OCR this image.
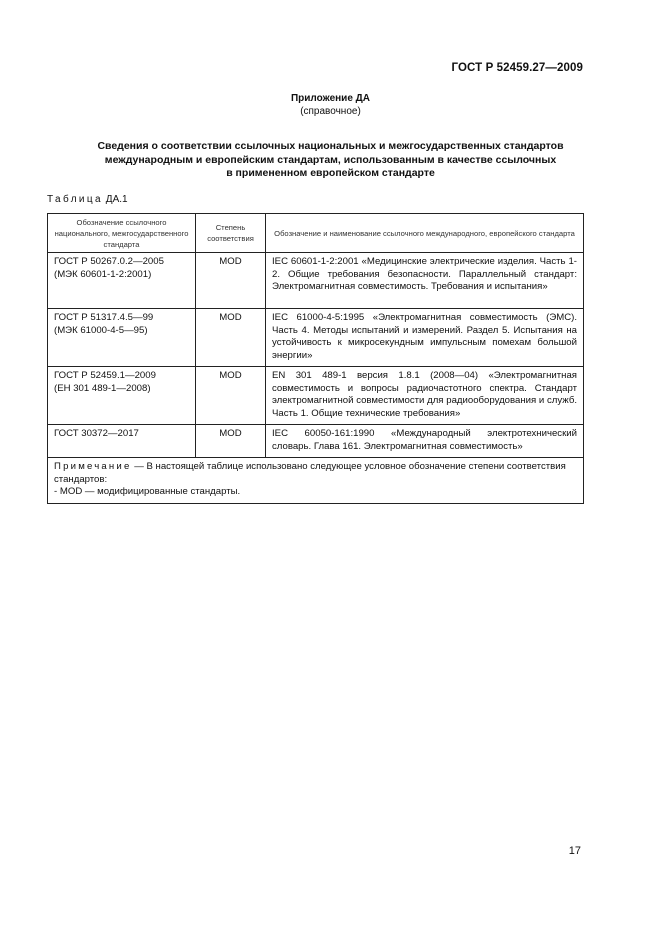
ГОСТ Р 52459.27—2009
Приложение ДА
(справочное)
Сведения о соответствии ссылочных национальных и межгосударственных стандартов
международным и европейским стандартам, использованным в качестве ссылочных
в примененном европейском стандарте
Таблица ДА.1
Обозначение ссылочного национального, межгосударственного стандарта	Степень соответствия	Обозначение и наименование ссылочного международного, европейского стандарта

ГОСТ Р 50267.0.2—2005
(МЭК 60601-1-2:2001)	MOD	IEC 60601-1-2:2001 «Медицинские электрические изделия. Часть 1-2. Общие требования безопасности. Параллельный стандарт: Электромагнитная совместимость. Требования и испытания»

ГОСТ Р 51317.4.5—99
(МЭК 61000-4-5—95)	MOD	IEC 61000-4-5:1995 «Электромагнитная совместимость (ЭМС). Часть 4. Методы испытаний и измерений. Раздел 5. Испытания на устойчивость к микросекундным импульсным помехам большой энергии»

ГОСТ Р 52459.1—2009
(ЕН 301 489-1—2008)	MOD	EN 301 489-1 версия 1.8.1 (2008—04) «Электромагнитная совместимость и вопросы радиочастотного спектра. Стандарт электромагнитной совместимости для радиооборудования и служб. Часть 1. Общие технические требования»

ГОСТ 30372—2017	MOD	IEC 60050-161:1990 «Международный электротехнический словарь. Глава 161. Электромагнитная совместимость»
Примечание — В настоящей таблице использовано следующее условное обозначение степени соответствия стандартов:
- MOD — модифицированные стандарты.		
17
